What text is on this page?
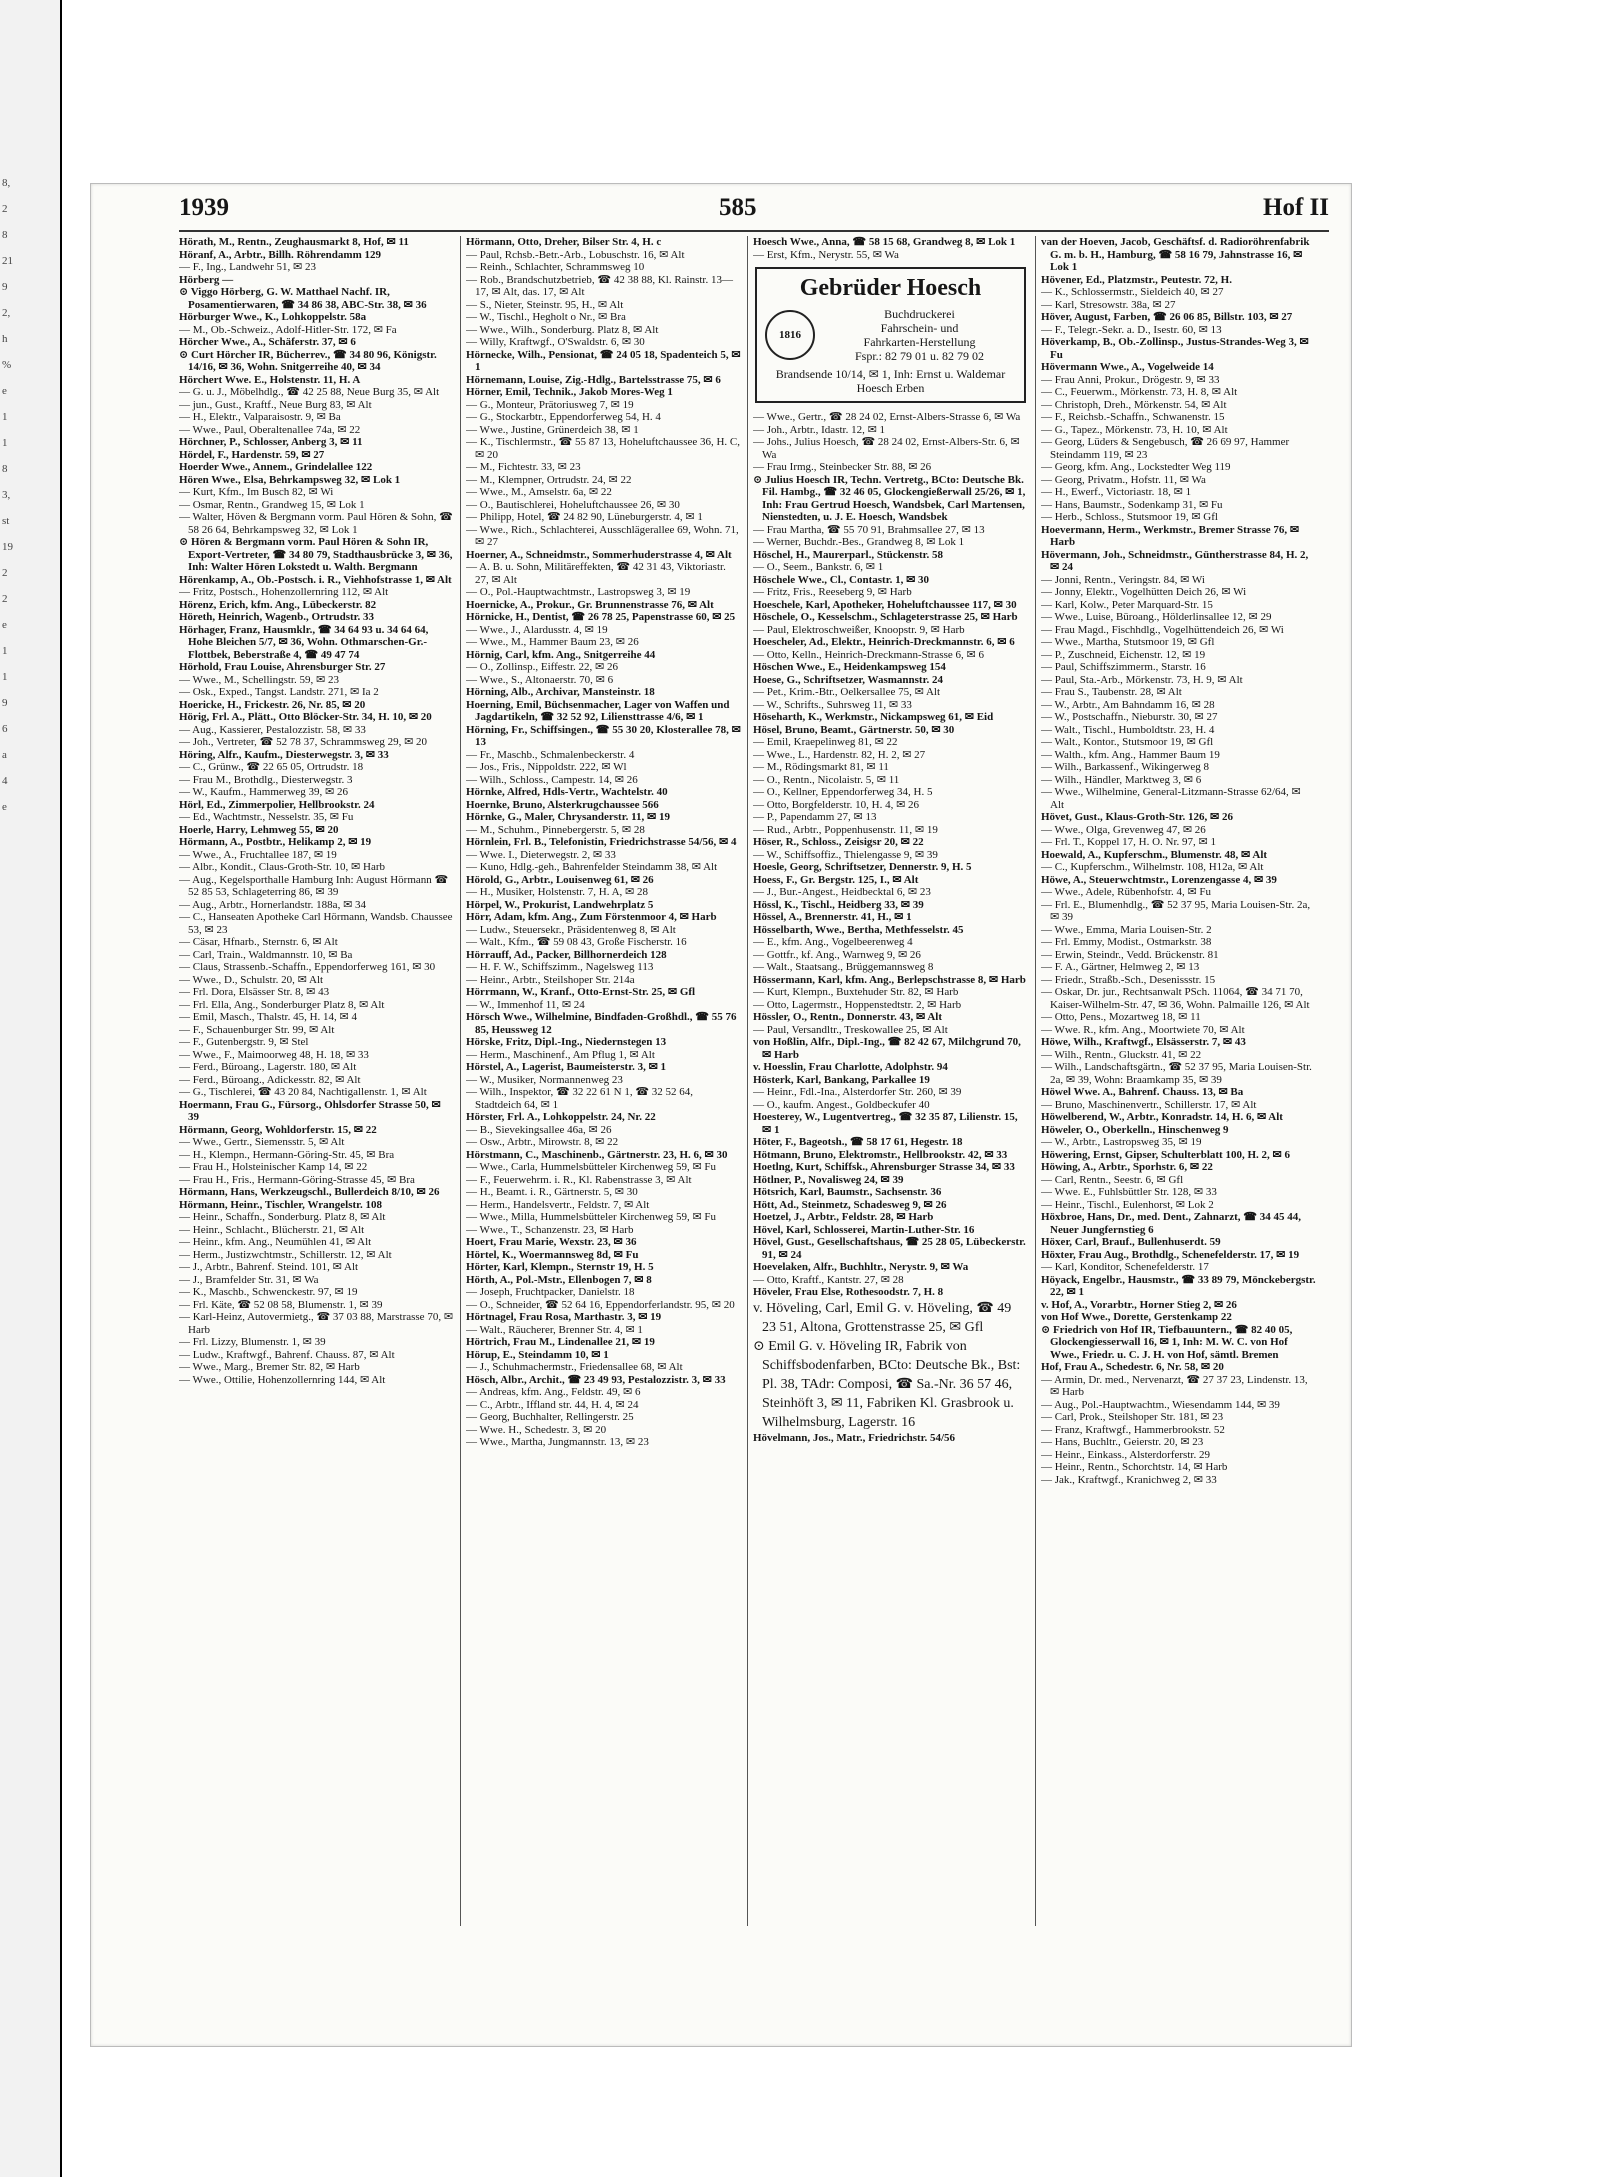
8,
2
8
21
9
2,
h
%
e
1
1
8
3,
st
19
2
2
e
1
1
9
6
a
4
e
1939	585	Hof II

Hörath, M., Rentn., Zeughausmarkt 8, Hof, ✉ 11

Höranf, A., Arbtr., Billh. Röhrendamm 129

— F., Ing., Landwehr 51, ✉ 23

Hörberg —

⊙ Viggo Hörberg, G. W. Matthael Nachf. IR, Posamentierwaren, ☎ 34 86 38, ABC-Str. 38, ✉ 36

Hörburger Wwe., K., Lohkoppelstr. 58a

— M., Ob.-Schweiz., Adolf-Hitler-Str. 172, ✉ Fa

Hörcher Wwe., A., Schäferstr. 37, ✉ 6

⊙ Curt Hörcher IR, Bücherrev., ☎ 34 80 96, Königstr. 14/16, ✉ 36, Wohn. Snitgerreihe 40, ✉ 34

Hörchert Wwe. E., Holstenstr. 11, H. A

— G. u. J., Möbelhdlg., ☎ 42 25 88, Neue Burg 35, ✉ Alt

— jun., Gust., Kraftf., Neue Burg 83, ✉ Alt

— H., Elektr., Valparaisostr. 9, ✉ Ba

— Wwe., Paul, Oberaltenallee 74a, ✉ 22

Hörchner, P., Schlosser, Anberg 3, ✉ 11

Hördel, F., Hardenstr. 59, ✉ 27

Hoerder Wwe., Annem., Grindelallee 122

Hören Wwe., Elsa, Behrkampsweg 32, ✉ Lok 1

— Kurt, Kfm., Im Busch 82, ✉ Wi

— Osmar, Rentn., Grandweg 15, ✉ Lok 1

— Walter, Höven & Bergmann vorm. Paul Hören & Sohn, ☎ 58 26 64, Behrkampsweg 32, ✉ Lok 1

⊙ Hören & Bergmann vorm. Paul Hören & Sohn IR, Export-Vertreter, ☎ 34 80 79, Stadthausbrücke 3, ✉ 36, Inh: Walter Hören Lokstedt u. Walth. Bergmann

Hörenkamp, A., Ob.-Postsch. i. R., Viehhofstrasse 1, ✉ Alt

— Fritz, Postsch., Hohenzollernring 112, ✉ Alt

Hörenz, Erich, kfm. Ang., Lübeckerstr. 82

Höreth, Heinrich, Wagenb., Ortrudstr. 33

Hörhager, Franz, Hausmklr., ☎ 34 64 93 u. 34 64 64, Hohe Bleichen 5/7, ✉ 36, Wohn. Othmarschen-Gr.-Flottbek, Beberstraße 4, ☎ 49 47 74

Hörhold, Frau Louise, Ahrensburger Str. 27

— Wwe., M., Schellingstr. 59, ✉ 23

— Osk., Exped., Tangst. Landstr. 271, ✉ Ia 2

Hoericke, H., Frickestr. 26, Nr. 85, ✉ 20

Hörig, Frl. A., Plätt., Otto Blöcker-Str. 34, H. 10, ✉ 20

— Aug., Kassierer, Pestalozzistr. 58, ✉ 33

— Joh., Vertreter, ☎ 52 78 37, Schrammsweg 29, ✉ 20

Höring, Alfr., Kaufm., Diesterwegstr. 3, ✉ 33

— C., Grünw., ☎ 22 65 05, Ortrudstr. 18

— Frau M., Brothdlg., Diesterwegstr. 3

— W., Kaufm., Hammerweg 39, ✉ 26

Hörl, Ed., Zimmerpolier, Hellbrookstr. 24

— Ed., Wachtmstr., Nesselstr. 35, ✉ Fu

Hoerle, Harry, Lehmweg 55, ✉ 20

Hörmann, A., Postbtr., Helikamp 2, ✉ 19

— Wwe., A., Fruchtallee 187, ✉ 19

— Albr., Kondit., Claus-Groth-Str. 10, ✉ Harb

— Aug., Kegelsporthalle Hamburg Inh: August Hörmann ☎ 52 85 53, Schlageterring 86, ✉ 39

— Aug., Arbtr., Hornerlandstr. 188a, ✉ 34

— C., Hanseaten Apotheke Carl Hörmann, Wandsb. Chaussee 53, ✉ 23

— Cäsar, Hfnarb., Sternstr. 6, ✉ Alt

— Carl, Train., Waldmannstr. 10, ✉ Ba

— Claus, Strassenb.-Schaffn., Eppendorferweg 161, ✉ 30

— Wwe., D., Schulstr. 20, ✉ Alt

— Frl. Dora, Elsässer Str. 8, ✉ 43

— Frl. Ella, Ang., Sonderburger Platz 8, ✉ Alt

— Emil, Masch., Thalstr. 45, H. 14, ✉ 4

— F., Schauenburger Str. 99, ✉ Alt

— F., Gutenbergstr. 9, ✉ Stel

— Wwe., F., Maimoorweg 48, H. 18, ✉ 33

— Ferd., Büroang., Lagerstr. 180, ✉ Alt

— Ferd., Büroang., Adickesstr. 82, ✉ Alt

— G., Tischlerei, ☎ 43 20 84, Nachtigallenstr. 1, ✉ Alt

Hoermann, Frau G., Fürsorg., Ohlsdorfer Strasse 50, ✉ 39

Hörmann, Georg, Wohldorferstr. 15, ✉ 22

— Wwe., Gertr., Siemensstr. 5, ✉ Alt

— H., Klempn., Hermann-Göring-Str. 45, ✉ Bra

— Frau H., Holsteinischer Kamp 14, ✉ 22

— Frau H., Fris., Hermann-Göring-Strasse 45, ✉ Bra

Hörmann, Hans, Werkzeugschl., Bullerdeich 8/10, ✉ 26

Hörmann, Heinr., Tischler, Wrangelstr. 108

— Heinr., Schaffn., Sonderburg. Platz 8, ✉ Alt

— Heinr., Schlacht., Blücherstr. 21, ✉ Alt

— Heinr., kfm. Ang., Neumühlen 41, ✉ Alt

— Herm., Justizwchtmstr., Schillerstr. 12, ✉ Alt

— J., Arbtr., Bahrenf. Steind. 101, ✉ Alt

— J., Bramfelder Str. 31, ✉ Wa

— K., Maschb., Schwenckestr. 97, ✉ 19

— Frl. Käte, ☎ 52 08 58, Blumenstr. 1, ✉ 39

— Karl-Heinz, Autovermietg., ☎ 37 03 88, Marstrasse 70, ✉ Harb

— Frl. Lizzy, Blumenstr. 1, ✉ 39

— Ludw., Kraftwgf., Bahrenf. Chauss. 87, ✉ Alt

— Wwe., Marg., Bremer Str. 82, ✉ Harb

— Wwe., Ottilie, Hohenzollernring 144, ✉ Alt

Hörmann, Otto, Dreher, Bilser Str. 4, H. c

— Paul, Rchsb.-Betr.-Arb., Lobuschstr. 16, ✉ Alt

— Reinh., Schlachter, Schrammsweg 10

— Rob., Brandschutzbetrieb, ☎ 42 38 88, Kl. Rainstr. 13—17, ✉ Alt, das. 17, ✉ Alt

— S., Nieter, Steinstr. 95, H., ✉ Alt

— W., Tischl., Hegholt o Nr., ✉ Bra

— Wwe., Wilh., Sonderburg. Platz 8, ✉ Alt

— Willy, Kraftwgf., O'Swaldstr. 6, ✉ 30

Hörnecke, Wilh., Pensionat, ☎ 24 05 18, Spadenteich 5, ✉ 1

Hörnemann, Louise, Zig.-Hdlg., Bartelsstrasse 75, ✉ 6

Hörner, Emil, Technik., Jakob Mores-Weg 1

— G., Monteur, Prätoriusweg 7, ✉ 19

— G., Stockarbtr., Eppendorferweg 54, H. 4

— Wwe., Justine, Grünerdeich 38, ✉ 1

— K., Tischlermstr., ☎ 55 87 13, Hoheluftchaussee 36, H. C, ✉ 20

— M., Fichtestr. 33, ✉ 23

— M., Klempner, Ortrudstr. 24, ✉ 22

— Wwe., M., Amselstr. 6a, ✉ 22

— O., Bautischlerei, Hoheluftchaussee 26, ✉ 30

— Philipp, Hotel, ☎ 24 82 90, Lüneburgerstr. 4, ✉ 1

— Wwe., Rich., Schlachterei, Ausschlägerallee 69, Wohn. 71, ✉ 27

Hoerner, A., Schneidmstr., Sommerhuderstrasse 4, ✉ Alt

— A. B. u. Sohn, Militäreffekten, ☎ 42 31 43, Viktoriastr. 27, ✉ Alt

— O., Pol.-Hauptwachtmstr., Lastropsweg 3, ✉ 19

Hoernicke, A., Prokur., Gr. Brunnenstrasse 76, ✉ Alt

Hörnicke, H., Dentist, ☎ 26 78 25, Papenstrasse 60, ✉ 25

— Wwe., J., Alardusstr. 4, ✉ 19

— Wwe., M., Hammer Baum 23, ✉ 26

Hörnig, Carl, kfm. Ang., Snitgerreihe 44

— O., Zollinsp., Eiffestr. 22, ✉ 26

— Wwe., S., Altonaerstr. 70, ✉ 6

Hörning, Alb., Archivar, Mansteinstr. 18

Hoerning, Emil, Büchsenmacher, Lager von Waffen und Jagdartikeln, ☎ 32 52 92, Liliensttrasse 4/6, ✉ 1

Hörning, Fr., Schiffsingen., ☎ 55 30 20, Klosterallee 78, ✉ 13

— Fr., Maschb., Schmalenbeckerstr. 4

— Jos., Fris., Nippoldstr. 222, ✉ Wl

— Wilh., Schloss., Campestr. 14, ✉ 26

Hörnke, Alfred, Hdls-Vertr., Wachtelstr. 40

Hoernke, Bruno, Alsterkrugchaussee 566

Hörnke, G., Maler, Chrysanderstr. 11, ✉ 19

— M., Schuhm., Pinnebergerstr. 5, ✉ 28

Hörnlein, Frl. B., Telefonistin, Friedrichstrasse 54/56, ✉ 4

— Wwe. I., Dieterwegstr. 2, ✉ 33

— Kuno, Hdlg.-geh., Bahrenfelder Steindamm 38, ✉ Alt

Hörold, G., Arbtr., Louisenweg 61, ✉ 26

— H., Musiker, Holstenstr. 7, H. A, ✉ 28

Hörpel, W., Prokurist, Landwehrplatz 5

Hörr, Adam, kfm. Ang., Zum Förstenmoor 4, ✉ Harb

— Ludw., Steuersekr., Präsidentenweg 8, ✉ Alt

— Walt., Kfm., ☎ 59 08 43, Große Fischerstr. 16

Hörrauff, Ad., Packer, Billhornerdeich 128

— H. F. W., Schiffszimm., Nagelsweg 113

— Heinr., Arbtr., Steilshoper Str. 214a

Hörrmann, W., Kranf., Otto-Ernst-Str. 25, ✉ Gfl

— W., Immenhof 11, ✉ 24

Hörsch Wwe., Wilhelmine, Bindfaden-Großhdl., ☎ 55 76 85, Heussweg 12

Hörske, Fritz, Dipl.-Ing., Niedernstegen 13

— Herm., Maschinenf., Am Pflug 1, ✉ Alt

Hörstel, A., Lagerist, Baumeisterstr. 3, ✉ 1

— W., Musiker, Normannenweg 23

— Wilh., Inspektor, ☎ 32 22 61 N 1, ☎ 32 52 64, Stadtdeich 64, ✉ 1

Hörster, Frl. A., Lohkoppelstr. 24, Nr. 22

— B., Sievekingsallee 46a, ✉ 26

— Osw., Arbtr., Mirowstr. 8, ✉ 22

Hörstmann, C., Maschinenb., Gärtnerstr. 23, H. 6, ✉ 30

— Wwe., Carla, Hummelsbütteler Kirchenweg 59, ✉ Fu

— F., Feuerwehrm. i. R., Kl. Rabenstrasse 3, ✉ Alt

— H., Beamt. i. R., Gärtnerstr. 5, ✉ 30

— Herm., Handelsvertr., Feldstr. 7, ✉ Alt

— Wwe., Milla, Hummelsbütteler Kirchenweg 59, ✉ Fu

— Wwe., T., Schanzenstr. 23, ✉ Harb

Hoert, Frau Marie, Wexstr. 23, ✉ 36

Hörtel, K., Woermannsweg 8d, ✉ Fu

Hörter, Karl, Klempn., Sternstr 19, H. 5

Hörth, A., Pol.-Mstr., Ellenbogen 7, ✉ 8

— Joseph, Fruchtpacker, Danielstr. 18

— O., Schneider, ☎ 52 64 16, Eppendorferlandstr. 95, ✉ 20

Hörtnagel, Frau Rosa, Marthastr. 3, ✉ 19

— Walt., Räucherer, Brenner Str. 4, ✉ 1

Hörtrich, Frau M., Lindenallee 21, ✉ 19

Hörup, E., Steindamm 10, ✉ 1

— J., Schuhmachermstr., Friedensallee 68, ✉ Alt

Hösch, Albr., Archit., ☎ 23 49 93, Pestalozzistr. 3, ✉ 33

— Andreas, kfm. Ang., Feldstr. 49, ✉ 6

— C., Arbtr., Iffland str. 44, H. 4, ✉ 24

— Georg, Buchhalter, Rellingerstr. 25

— Wwe. H., Schedestr. 3, ✉ 20

— Wwe., Martha, Jungmannstr. 13, ✉ 23

Hoesch Wwe., Anna, ☎ 58 15 68, Grandweg 8, ✉ Lok 1

— Erst, Kfm., Nerystr. 55, ✉ Wa

Gebrüder Hoesch

1816
Buchdruckerei
Fahrschein- und
Fahrkarten-Herstellung
Fspr.: 82 79 01 u. 82 79 02
Brandsende 10/14, ✉ 1, Inh: Ernst u. Waldemar Hoesch Erben

— Wwe., Gertr., ☎ 28 24 02, Ernst-Albers-Strasse 6, ✉ Wa

— Joh., Arbtr., Idastr. 12, ✉ 1

— Johs., Julius Hoesch, ☎ 28 24 02, Ernst-Albers-Str. 6, ✉ Wa

— Frau Irmg., Steinbecker Str. 88, ✉ 26

⊙ Julius Hoesch IR, Techn. Vertretg., BCto: Deutsche Bk. Fil. Hambg., ☎ 32 46 05, Glockengießerwall 25/26, ✉ 1, Inh: Frau Gertrud Hoesch, Wandsbek, Carl Martensen, Nienstedten, u. J. E. Hoesch, Wandsbek

— Frau Martha, ☎ 55 70 91, Brahmsallee 27, ✉ 13

— Werner, Buchdr.-Bes., Grandweg 8, ✉ Lok 1

Höschel, H., Maurerparl., Stückenstr. 58

— O., Seem., Bankstr. 6, ✉ 1

Höschele Wwe., Cl., Contastr. 1, ✉ 30

— Fritz, Fris., Reeseberg 9, ✉ Harb

Hoeschele, Karl, Apotheker, Hoheluftchaussee 117, ✉ 30

Höschele, O., Kesselschm., Schlageterstrasse 25, ✉ Harb

— Paul, Elektroschweißer, Knoopstr. 9, ✉ Harb

Hoescheler, Ad., Elektr., Heinrich-Dreckmannstr. 6, ✉ 6

— Otto, Kelln., Heinrich-Dreckmann-Strasse 6, ✉ 6

Höschen Wwe., E., Heidenkampsweg 154

Hoese, G., Schriftsetzer, Wasmannstr. 24

— Pet., Krim.-Btr., Oelkersallee 75, ✉ Alt

— W., Schrifts., Suhrsweg 11, ✉ 33

Höseharth, K., Werkmstr., Nickampsweg 61, ✉ Eid

Hösel, Bruno, Beamt., Gärtnerstr. 50, ✉ 30

— Emil, Kraepelinweg 81, ✉ 22

— Wwe., L., Hardenstr. 82, H. 2, ✉ 27

— M., Rödingsmarkt 81, ✉ 11

— O., Rentn., Nicolaistr. 5, ✉ 11

— O., Kellner, Eppendorferweg 34, H. 5

— Otto, Borgfelderstr. 10, H. 4, ✉ 26

— P., Papendamm 27, ✉ 13

— Rud., Arbtr., Poppenhusenstr. 11, ✉ 19

Höser, R., Schloss., Zeisigsr 20, ✉ 22

— W., Schiffsoffiz., Thielengasse 9, ✉ 39

Hoesle, Georg, Schriftsetzer, Dennerstr. 9, H. 5

Hoess, F., Gr. Bergstr. 125, I., ✉ Alt

— J., Bur.-Angest., Heidbecktal 6, ✉ 23

Hössl, K., Tischl., Heidberg 33, ✉ 39

Hössel, A., Brennerstr. 41, H., ✉ 1

Hösselbarth, Wwe., Bertha, Methfesselstr. 45

— E., kfm. Ang., Vogelbeerenweg 4

— Gottfr., kf. Ang., Warnweg 9, ✉ 26

— Walt., Staatsang., Brüggemannsweg 8

Hössermann, Karl, kfm. Ang., Berlepschstrasse 8, ✉ Harb

— Kurt, Klempn., Buxtehuder Str. 82, ✉ Harb

— Otto, Lagermstr., Hoppenstedtstr. 2, ✉ Harb

Hössler, O., Rentn., Donnerstr. 43, ✉ Alt

— Paul, Versandltr., Treskowallee 25, ✉ Alt

von Hoßlin, Alfr., Dipl.-Ing., ☎ 82 42 67, Milchgrund 70, ✉ Harb

v. Hoesslin, Frau Charlotte, Adolphstr. 94

Hösterk, Karl, Bankang, Parkallee 19

— Heinr., Fdl.-Ina., Alsterdorfer Str. 260, ✉ 39

— O., kaufm. Angest., Goldbeckufer 40

Hoesterey, W., Lugentvertreg., ☎ 32 35 87, Lilienstr. 15, ✉ 1

Höter, F., Bageotsh., ☎ 58 17 61, Hegestr. 18

Hötmann, Bruno, Elektromstr., Hellbrookstr. 42, ✉ 33

Hoetlng, Kurt, Schiffsk., Ahrensburger Strasse 34, ✉ 33

Hötlner, P., Novalisweg 24, ✉ 39

Hötsrich, Karl, Baumstr., Sachsenstr. 36

Hött, Ad., Steinmetz, Schadesweg 9, ✉ 26

Hoetzel, J., Arbtr., Feldstr. 28, ✉ Harb

Hövel, Karl, Schlosserei, Martin-Luther-Str. 16

Hövel, Gust., Gesellschaftshaus, ☎ 25 28 05, Lübeckerstr. 91, ✉ 24

Hoevelaken, Alfr., Buchhltr., Nerystr. 9, ✉ Wa

— Otto, Kraftf., Kantstr. 27, ✉ 28

Höveler, Frau Else, Rothesoodstr. 7, H. 8

v. Höveling, Carl, Emil G. v. Höveling, ☎ 49 23 51, Altona, Grottenstrasse 25, ✉ Gfl

⊙ Emil G. v. Höveling IR, Fabrik von Schiffsbodenfarben, BCto: Deutsche Bk., Bst: Pl. 38, TAdr: Composi, ☎ Sa.-Nr. 36 57 46, Steinhöft 3, ✉ 11, Fabriken Kl. Grasbrook u. Wilhelmsburg, Lagerstr. 16

Hövelmann, Jos., Matr., Friedrichstr. 54/56

van der Hoeven, Jacob, Geschäftsf. d. Radioröhrenfabrik G. m. b. H., Hamburg, ☎ 58 16 79, Jahnstrasse 16, ✉ Lok 1

Hövener, Ed., Platzmstr., Peutestr. 72, H.

— K., Schlossermstr., Sieldeich 40, ✉ 27

— Karl, Stresowstr. 38a, ✉ 27

Höver, August, Farben, ☎ 26 06 85, Billstr. 103, ✉ 27

— F., Telegr.-Sekr. a. D., Isestr. 60, ✉ 13

Höverkamp, B., Ob.-Zollinsp., Justus-Strandes-Weg 3, ✉ Fu

Hövermann Wwe., A., Vogelweide 14

— Frau Anni, Prokur., Drögestr. 9, ✉ 33

— C., Feuerwm., Mörkenstr. 73, H. 8, ✉ Alt

— Christoph, Dreh., Mörkenstr. 54, ✉ Alt

— F., Reichsb.-Schaffn., Schwanenstr. 15

— G., Tapez., Mörkenstr. 73, H. 10, ✉ Alt

— Georg, Lüders & Sengebusch, ☎ 26 69 97, Hammer Steindamm 119, ✉ 23

— Georg, kfm. Ang., Lockstedter Weg 119

— Georg, Privatm., Hofstr. 11, ✉ Wa

— H., Ewerf., Victoriastr. 18, ✉ 1

— Hans, Baumstr., Sodenkamp 31, ✉ Fu

— Herb., Schloss., Stutsmoor 19, ✉ Gfl

Hoevermann, Herm., Werkmstr., Bremer Strasse 76, ✉ Harb

Hövermann, Joh., Schneidmstr., Güntherstrasse 84, H. 2, ✉ 24

— Jonni, Rentn., Veringstr. 84, ✉ Wi

— Jonny, Elektr., Vogelhütten Deich 26, ✉ Wi

— Karl, Kolw., Peter Marquard-Str. 15

— Wwe., Luise, Büroang., Hölderlinsallee 12, ✉ 29

— Frau Magd., Fischhdlg., Vogelhüttendeich 26, ✉ Wi

— Wwe., Martha, Stutsmoor 19, ✉ Gfl

— P., Zuschneid, Eichenstr. 12, ✉ 19

— Paul, Schiffszimmerm., Starstr. 16

— Paul, Sta.-Arb., Mörkenstr. 73, H. 9, ✉ Alt

— Frau S., Taubenstr. 28, ✉ Alt

— W., Arbtr., Am Bahndamm 16, ✉ 28

— W., Postschaffn., Nieburstr. 30, ✉ 27

— Walt., Tischl., Humboldtstr. 23, H. 4

— Walt., Kontor., Stutsmoor 19, ✉ Gfl

— Walth., kfm. Ang., Hammer Baum 19

— Wilh., Barkassenf., Wikingerweg 8

— Wilh., Händler, Marktweg 3, ✉ 6

— Wwe., Wilhelmine, General-Litzmann-Strasse 62/64, ✉ Alt

Hövet, Gust., Klaus-Groth-Str. 126, ✉ 26

— Wwe., Olga, Grevenweg 47, ✉ 26

— Frl. T., Koppel 17, H. O. Nr. 97, ✉ 1

Hoewald, A., Kupferschm., Blumenstr. 48, ✉ Alt

— C., Kupferschm., Wilhelmstr. 108, H12a, ✉ Alt

Höwe, A., Steuerwchtmstr., Lorenzengasse 4, ✉ 39

— Wwe., Adele, Rübenhofstr. 4, ✉ Fu

— Frl. E., Blumenhdlg., ☎ 52 37 95, Maria Louisen-Str. 2a, ✉ 39

— Wwe., Emma, Maria Louisen-Str. 2

— Frl. Emmy, Modist., Ostmarkstr. 38

— Erwin, Steindr., Vedd. Brückenstr. 81

— F. A., Gärtner, Helmweg 2, ✉ 13

— Friedr., Straßb.-Sch., Desenissstr. 15

— Oskar, Dr. jur., Rechtsanwalt PSch. 11064, ☎ 34 71 70, Kaiser-Wilhelm-Str. 47, ✉ 36, Wohn. Palmaille 126, ✉ Alt

— Otto, Pens., Mozartweg 18, ✉ 11

— Wwe. R., kfm. Ang., Moortwiete 70, ✉ Alt

Höwe, Wilh., Kraftwgf., Elsässerstr. 7, ✉ 43

— Wilh., Rentn., Gluckstr. 41, ✉ 22

— Wilh., Landschaftsgärtn., ☎ 52 37 95, Maria Louisen-Str. 2a, ✉ 39, Wohn: Braamkamp 35, ✉ 39

Höwel Wwe. A., Bahrenf. Chauss. 13, ✉ Ba

— Bruno, Maschinenvertr., Schillerstr. 17, ✉ Alt

Höwelberend, W., Arbtr., Konradstr. 14, H. 6, ✉ Alt

Höweler, O., Oberkelln., Hinschenweg 9

— W., Arbtr., Lastropsweg 35, ✉ 19

Höwering, Ernst, Gipser, Schulterblatt 100, H. 2, ✉ 6

Höwing, A., Arbtr., Sporhstr. 6, ✉ 22

— Carl, Rentn., Seestr. 6, ✉ Gfl

— Wwe. E., Fuhlsbüttler Str. 128, ✉ 33

— Heinr., Tischl., Eulenhorst, ✉ Lok 2

Höxbroe, Hans, Dr., med. Dent., Zahnarzt, ☎ 34 45 44, Neuer Jungfernstieg 6

Höxer, Carl, Brauf., Bullenhuserdt. 59

Höxter, Frau Aug., Brothdlg., Schenefelderstr. 17, ✉ 19

— Karl, Konditor, Schenefelderstr. 17

Höyack, Engelbr., Hausmstr., ☎ 33 89 79, Mönckebergstr. 22, ✉ 1

v. Hof, A., Vorarbtr., Horner Stieg 2, ✉ 26

von Hof Wwe., Dorette, Gerstenkamp 22

⊙ Friedrich von Hof IR, Tiefbauuntern., ☎ 82 40 05, Glockengiesserwall 16, ✉ 1, Inh: M. W. C. von Hof Wwe., Friedr. u. C. J. H. von Hof, sämtl. Bremen

Hof, Frau A., Schedestr. 6, Nr. 58, ✉ 20

— Armin, Dr. med., Nervenarzt, ☎ 27 37 23, Lindenstr. 13, ✉ Harb

— Aug., Pol.-Hauptwachtm., Wiesendamm 144, ✉ 39

— Carl, Prok., Steilshoper Str. 181, ✉ 23

— Franz, Kraftwgf., Hammerbrookstr. 52

— Hans, Buchltr., Geierstr. 20, ✉ 23

— Heinr., Einkass., Alsterdorferstr. 29

— Heinr., Rentn., Schorchtstr. 14, ✉ Harb

— Jak., Kraftwgf., Kranichweg 2, ✉ 33
